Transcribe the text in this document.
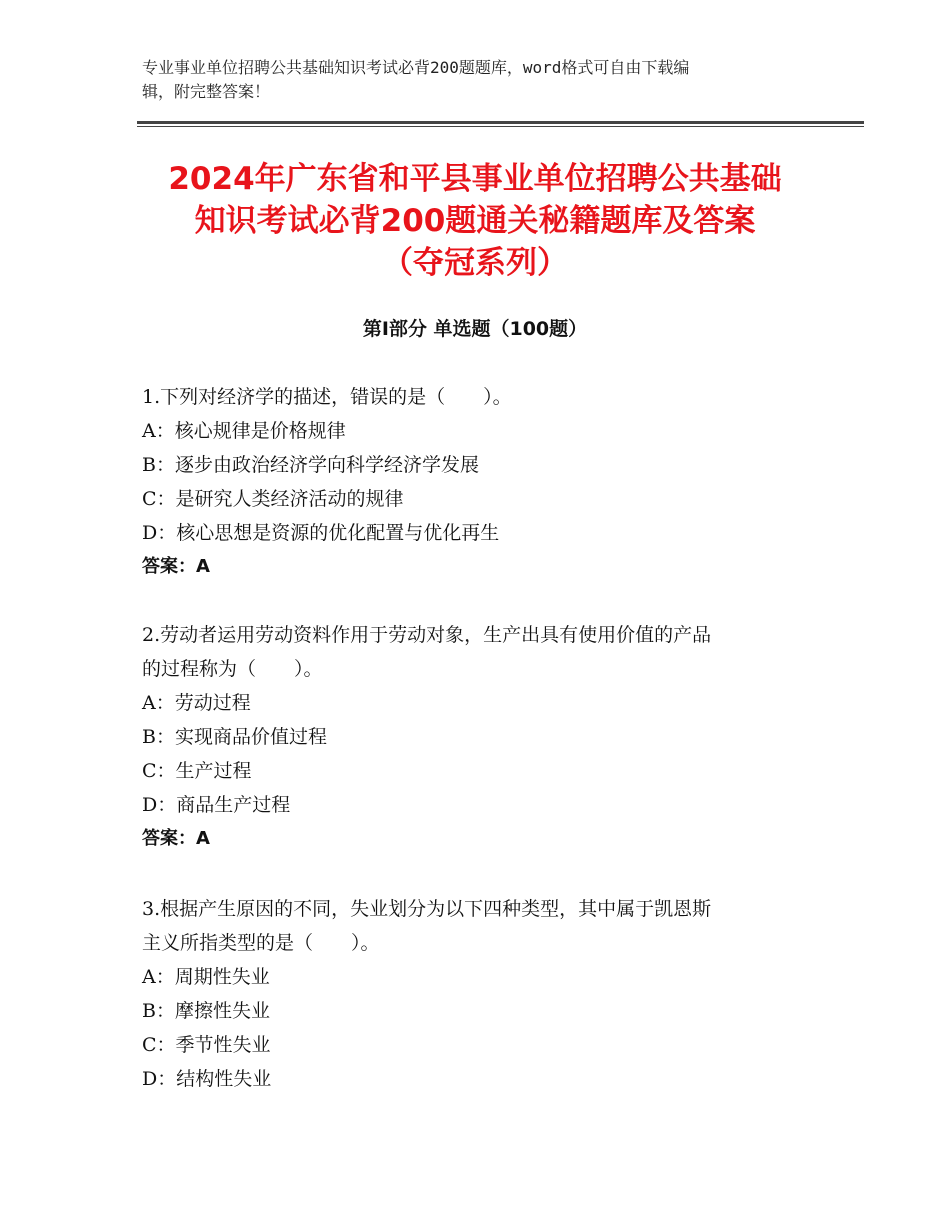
专业事业单位招聘公共基础知识考试必背200题题库，word格式可自由下载编
辑，附完整答案！
2024年广东省和平县事业单位招聘公共基础
知识考试必背200题通关秘籍题库及答案
（夺冠系列）
第Ⅰ部分 单选题（100题）
1.下列对经济学的描述，错误的是（　　）。
A：核心规律是价格规律
B：逐步由政治经济学向科学经济学发展
C：是研究人类经济活动的规律
D：核心思想是资源的优化配置与优化再生
答案：A
2.劳动者运用劳动资料作用于劳动对象，生产出具有使用价值的产品
的过程称为（　　）。
A：劳动过程
B：实现商品价值过程
C：生产过程
D：商品生产过程
答案：A
3.根据产生原因的不同，失业划分为以下四种类型，其中属于凯恩斯
主义所指类型的是（　　）。
A：周期性失业
B：摩擦性失业
C：季节性失业
D：结构性失业
